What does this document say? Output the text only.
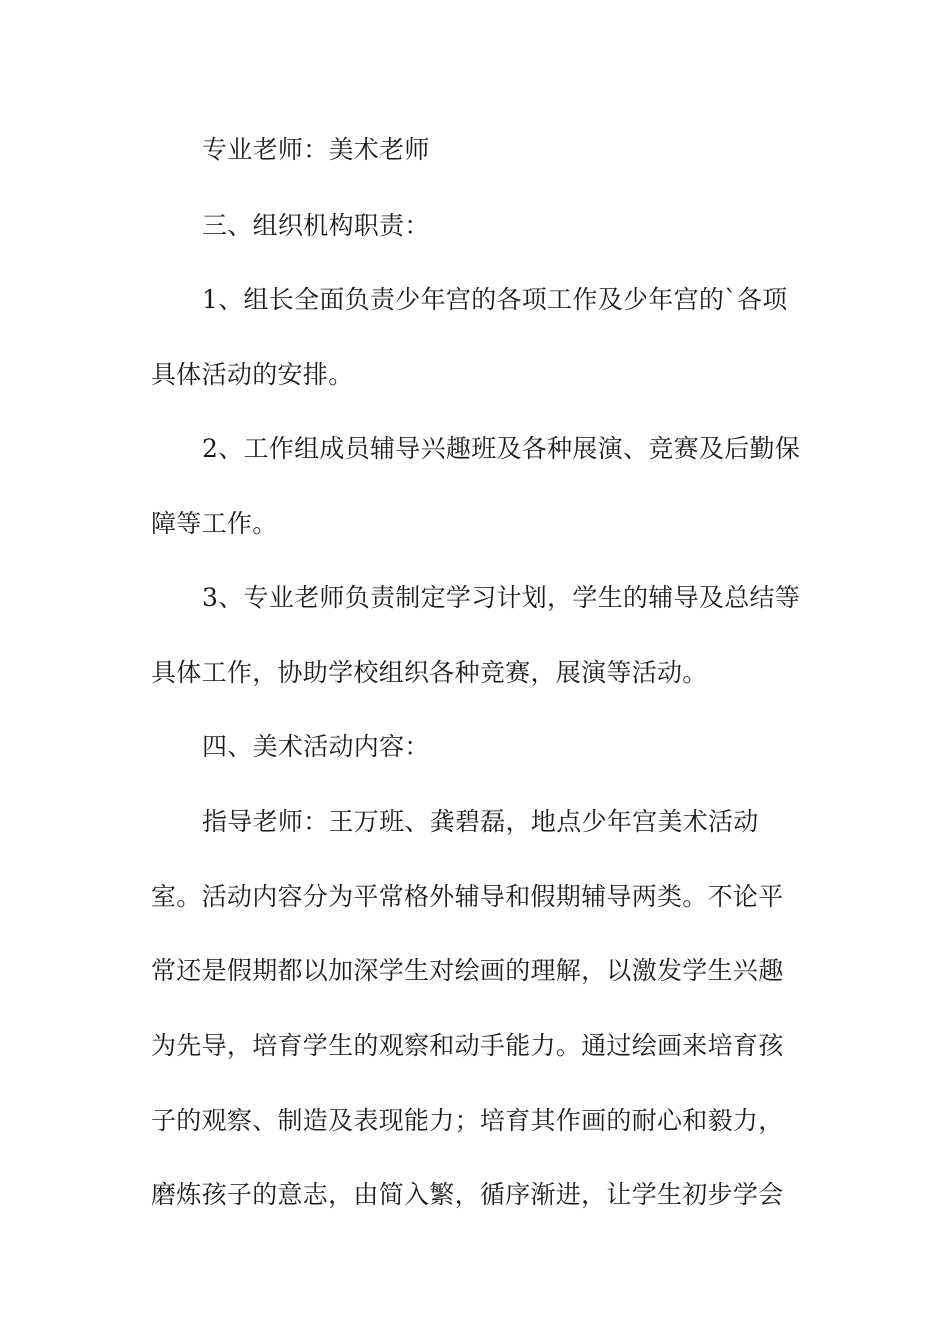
专业老师：美术老师
三、组织机构职责：
1、组长全面负责少年宫的各项工作及少年宫的`各项
具体活动的安排。
2、工作组成员辅导兴趣班及各种展演、竞赛及后勤保
障等工作。
3、专业老师负责制定学习计划，学生的辅导及总结等
具体工作，协助学校组织各种竞赛，展演等活动。
四、美术活动内容：
指导老师：王万班、龚碧磊，地点少年宫美术活动
室。活动内容分为平常格外辅导和假期辅导两类。不论平
常还是假期都以加深学生对绘画的理解，以激发学生兴趣
为先导，培育学生的观察和动手能力。通过绘画来培育孩
子的观察、制造及表现能力；培育其作画的耐心和毅力，
磨炼孩子的意志，由简入繁，循序渐进，让学生初步学会
